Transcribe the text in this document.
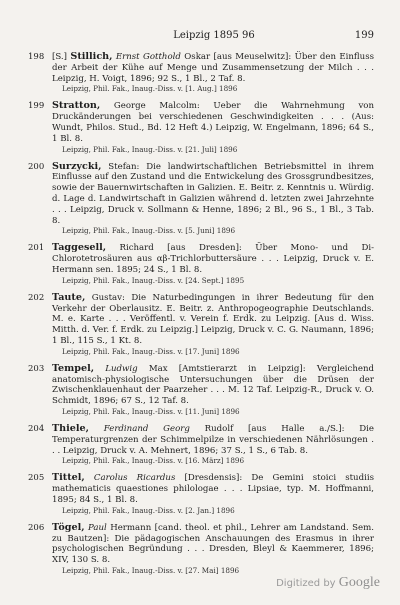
Leipzig 1895 96	199
198 [S.] Stillich, Ernst Gotthold Oskar [aus Meuselwitz]: Über den Einfluss der Arbeit der Kühe auf Menge und Zusammensetzung der Milch . . . Leipzig, H. Voigt, 1896; 92 S., 1 Bl., 2 Taf. 8.
Leipzig, Phil. Fak., Inaug.-Diss. v. [1. Aug.] 1896
199 Stratton, George Malcolm: Ueber die Wahrnehmung von Druckänderungen bei verschiedenen Geschwindigkeiten . . . (Aus: Wundt, Philos. Stud., Bd. 12 Heft 4.) Leipzig, W. Engelmann, 1896; 64 S., 1 Bl. 8.
Leipzig, Phil. Fak., Inaug.-Diss. v. [21. Juli] 1896
200 Surzycki, Stefan: Die landwirtschaftlichen Betriebsmittel in ihrem Einflusse auf den Zustand und die Entwickelung des Grossgrundbesitzes, sowie der Bauernwirtschaften in Galizien. E. Beitr. z. Kenntnis u. Würdig. d. Lage d. Landwirtschaft in Galizien während d. letzten zwei Jahrzehnte . . . Leipzig, Druck v. Sollmann & Henne, 1896; 2 Bl., 96 S., 1 Bl., 3 Tab. 8.
Leipzig, Phil. Fak., Inaug.-Diss. v. [5. Juni] 1896
201 Taggesell, Richard [aus Dresden]: Über Mono- und Di-Chlorotetrosäuren aus αβ-Trichlorbuttersäure . . . Leipzig, Druck v. E. Hermann sen. 1895; 24 S., 1 Bl. 8.
Leipzig, Phil. Fak., Inaug.-Diss. v. [24. Sept.] 1895
202 Taute, Gustav: Die Naturbedingungen in ihrer Bedeutung für den Verkehr der Oberlausitz. E. Beitr. z. Anthropogeographie Deutschlands. M. e. Karte . . . Veröffentl. v. Verein f. Erdk. zu Leipzig. [Aus d. Wiss. Mitth. d. Ver. f. Erdk. zu Leipzig.] Leipzig, Druck v. C. G. Naumann, 1896; 1 Bl., 115 S., 1 Kt. 8.
Leipzig, Phil. Fak., Inaug.-Diss. v. [17. Juni] 1896
203 Tempel, Ludwig Max [Amtstierarzt in Leipzig]: Vergleichend anatomisch-physiologische Untersuchungen über die Drüsen der Zwischenklauenhaut der Paarzeher . . . M. 12 Taf. Leipzig-R., Druck v. O. Schmidt, 1896; 67 S., 12 Taf. 8.
Leipzig, Phil. Fak., Inaug.-Diss. v. [11. Juni] 1896
204 Thiele, Ferdinand Georg Rudolf [aus Halle a./S.]: Die Temperaturgrenzen der Schimmelpilze in verschiedenen Nährlösungen . . . Leipzig, Druck v. A. Mehnert, 1896; 37 S., 1 S., 6 Tab. 8.
Leipzig, Phil. Fak., Inaug.-Diss. v. [16. März] 1896
205 Tittel, Carolus Ricardus [Dresdensis]: De Gemini stoici studiis mathematicis quaestiones philologae . . . Lipsiae, typ. M. Hoffmanni, 1895; 84 S., 1 Bl. 8.
Leipzig, Phil. Fak., Inaug.-Diss. v. [2. Jan.] 1896
206 Tögel, Paul Hermann [cand. theol. et phil., Lehrer am Landstand. Sem. zu Bautzen]: Die pädagogischen Anschauungen des Erasmus in ihrer psychologischen Begründung . . . Dresden, Bleyl & Kaemmerer, 1896; XIV, 130 S. 8.
Leipzig, Phil. Fak., Inaug.-Diss. v. [27. Mai] 1896
Digitized by Google
